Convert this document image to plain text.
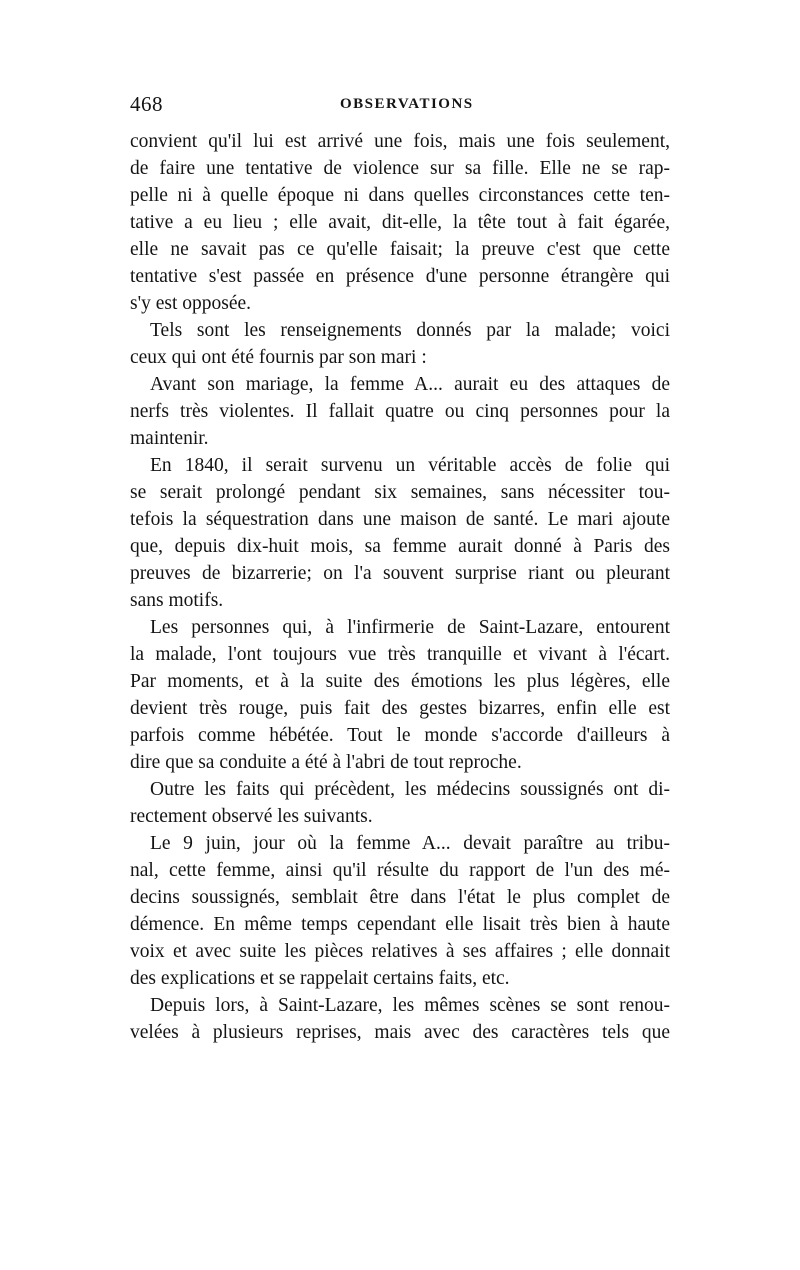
468	OBSERVATIONS
convient qu'il lui est arrivé une fois, mais une fois seulement,
de faire une tentative de violence sur sa fille. Elle ne se rap-
pelle ni à quelle époque ni dans quelles circonstances cette ten-
tative a eu lieu ; elle avait, dit-elle, la tête tout à fait égarée,
elle ne savait pas ce qu'elle faisait; la preuve c'est que cette
tentative s'est passée en présence d'une personne étrangère qui
s'y est opposée.
Tels sont les renseignements donnés par la malade; voici
ceux qui ont été fournis par son mari :
Avant son mariage, la femme A... aurait eu des attaques de
nerfs très violentes. Il fallait quatre ou cinq personnes pour la
maintenir.
En 1840, il serait survenu un véritable accès de folie qui
se serait prolongé pendant six semaines, sans nécessiter tou-
tefois la séquestration dans une maison de santé. Le mari ajoute
que, depuis dix-huit mois, sa femme aurait donné à Paris des
preuves de bizarrerie; on l'a souvent surprise riant ou pleurant
sans motifs.
Les personnes qui, à l'infirmerie de Saint-Lazare, entourent
la malade, l'ont toujours vue très tranquille et vivant à l'écart.
Par moments, et à la suite des émotions les plus légères, elle
devient très rouge, puis fait des gestes bizarres, enfin elle est
parfois comme hébétée. Tout le monde s'accorde d'ailleurs à
dire que sa conduite a été à l'abri de tout reproche.
Outre les faits qui précèdent, les médecins soussignés ont di-
rectement observé les suivants.
Le 9 juin, jour où la femme A... devait paraître au tribu-
nal, cette femme, ainsi qu'il résulte du rapport de l'un des mé-
decins soussignés, semblait être dans l'état le plus complet de
démence. En même temps cependant elle lisait très bien à haute
voix et avec suite les pièces relatives à ses affaires ; elle donnait
des explications et se rappelait certains faits, etc.
Depuis lors, à Saint-Lazare, les mêmes scènes se sont renou-
velées à plusieurs reprises, mais avec des caractères tels que
